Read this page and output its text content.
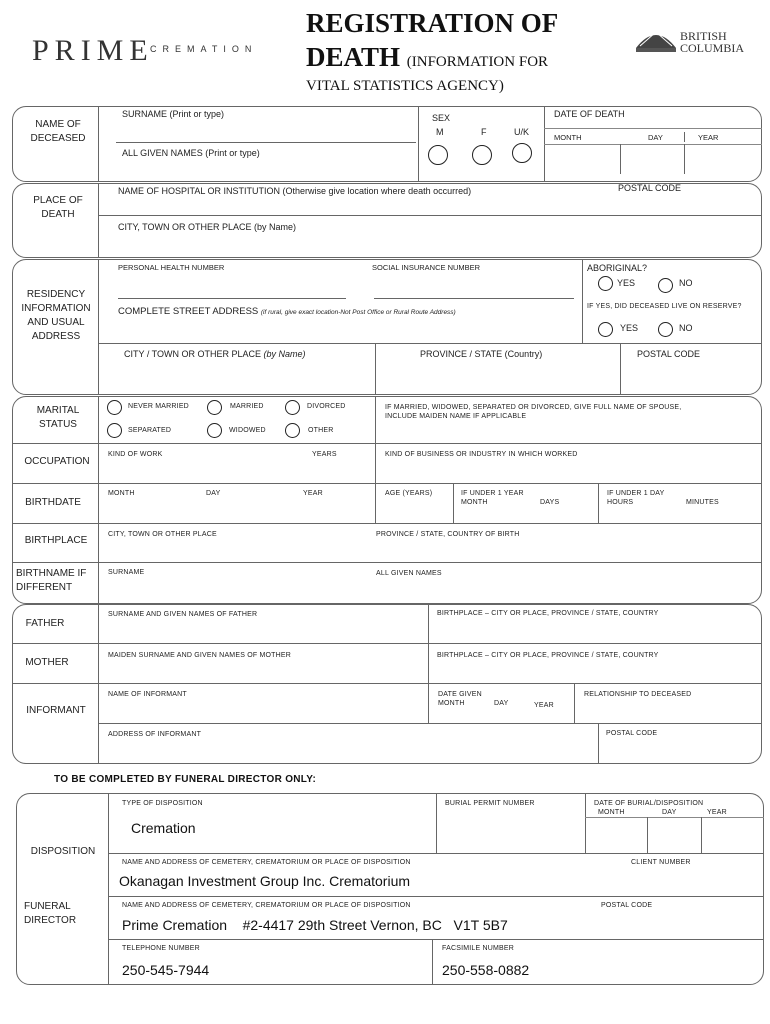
PRIME
CREMATION
REGISTRATION OF
DEATH (INFORMATION FOR
VITAL STATISTICS AGENCY)
BRITISH
COLUMBIA
NAME OF DECEASED
SURNAME (Print or type)
ALL GIVEN NAMES (Print or type)
SEX
M	F	U/K
DATE OF DEATH
MONTH	DAY	YEAR
PLACE OF DEATH
NAME OF HOSPITAL OR INSTITUTION (Otherwise give location where death occurred)	POSTAL CODE
CITY, TOWN OR OTHER PLACE (by Name)
RESIDENCY INFORMATION AND USUAL ADDRESS
PERSONAL HEALTH NUMBER	SOCIAL INSURANCE NUMBER	ABORIGINAL?
YES	NO
IF YES, DID DECEASED LIVE ON RESERVE?
YES	NO
COMPLETE STREET ADDRESS (if rural, give exact location-Not Post Office or Rural Route Address)
CITY / TOWN OR OTHER PLACE (by Name)	PROVINCE / STATE (Country)	POSTAL CODE
MARITAL STATUS
NEVER MARRIED	MARRIED	DIVORCED
SEPARATED	WIDOWED	OTHER
IF MARRIED, WIDOWED, SEPARATED OR DIVORCED, GIVE FULL NAME OF SPOUSE, INCLUDE MAIDEN NAME IF APPLICABLE
OCCUPATION
KIND OF WORK	YEARS	KIND OF BUSINESS OR INDUSTRY IN WHICH WORKED
BIRTHDATE
MONTH	DAY	YEAR	AGE (YEARS)	IF UNDER 1 YEAR
MONTH	DAYS
IF UNDER 1 DAY
HOURS	MINUTES
BIRTHPLACE
CITY, TOWN OR OTHER PLACE	PROVINCE / STATE, COUNTRY OF BIRTH
BIRTHNAME IF DIFFERENT
SURNAME	ALL GIVEN NAMES
FATHER
SURNAME AND GIVEN NAMES OF FATHER	BIRTHPLACE – CITY OR PLACE, PROVINCE / STATE, COUNTRY
MOTHER
MAIDEN SURNAME AND GIVEN NAMES OF MOTHER	BIRTHPLACE – CITY OR PLACE, PROVINCE / STATE, COUNTRY
INFORMANT
NAME OF INFORMANT	DATE GIVEN
MONTH	DAY	YEAR
RELATIONSHIP TO DECEASED
ADDRESS OF INFORMANT	POSTAL CODE
TO BE COMPLETED BY FUNERAL DIRECTOR ONLY:
DISPOSITION
FUNERAL DIRECTOR
TYPE OF DISPOSITION
Cremation
BURIAL PERMIT NUMBER	DATE OF BURIAL/DISPOSITION
MONTH	DAY	YEAR
NAME AND ADDRESS OF CEMETERY, CREMATORIUM OR PLACE OF DISPOSITION	CLIENT NUMBER
Okanagan Investment Group Inc. Crematorium
NAME AND ADDRESS OF CEMETERY, CREMATORIUM OR PLACE OF DISPOSITION	POSTAL CODE
Prime Cremation    #2-4417 29th Street Vernon, BC   V1T 5B7
TELEPHONE NUMBER
250-545-7944
FACSIMILE NUMBER
250-558-0882
